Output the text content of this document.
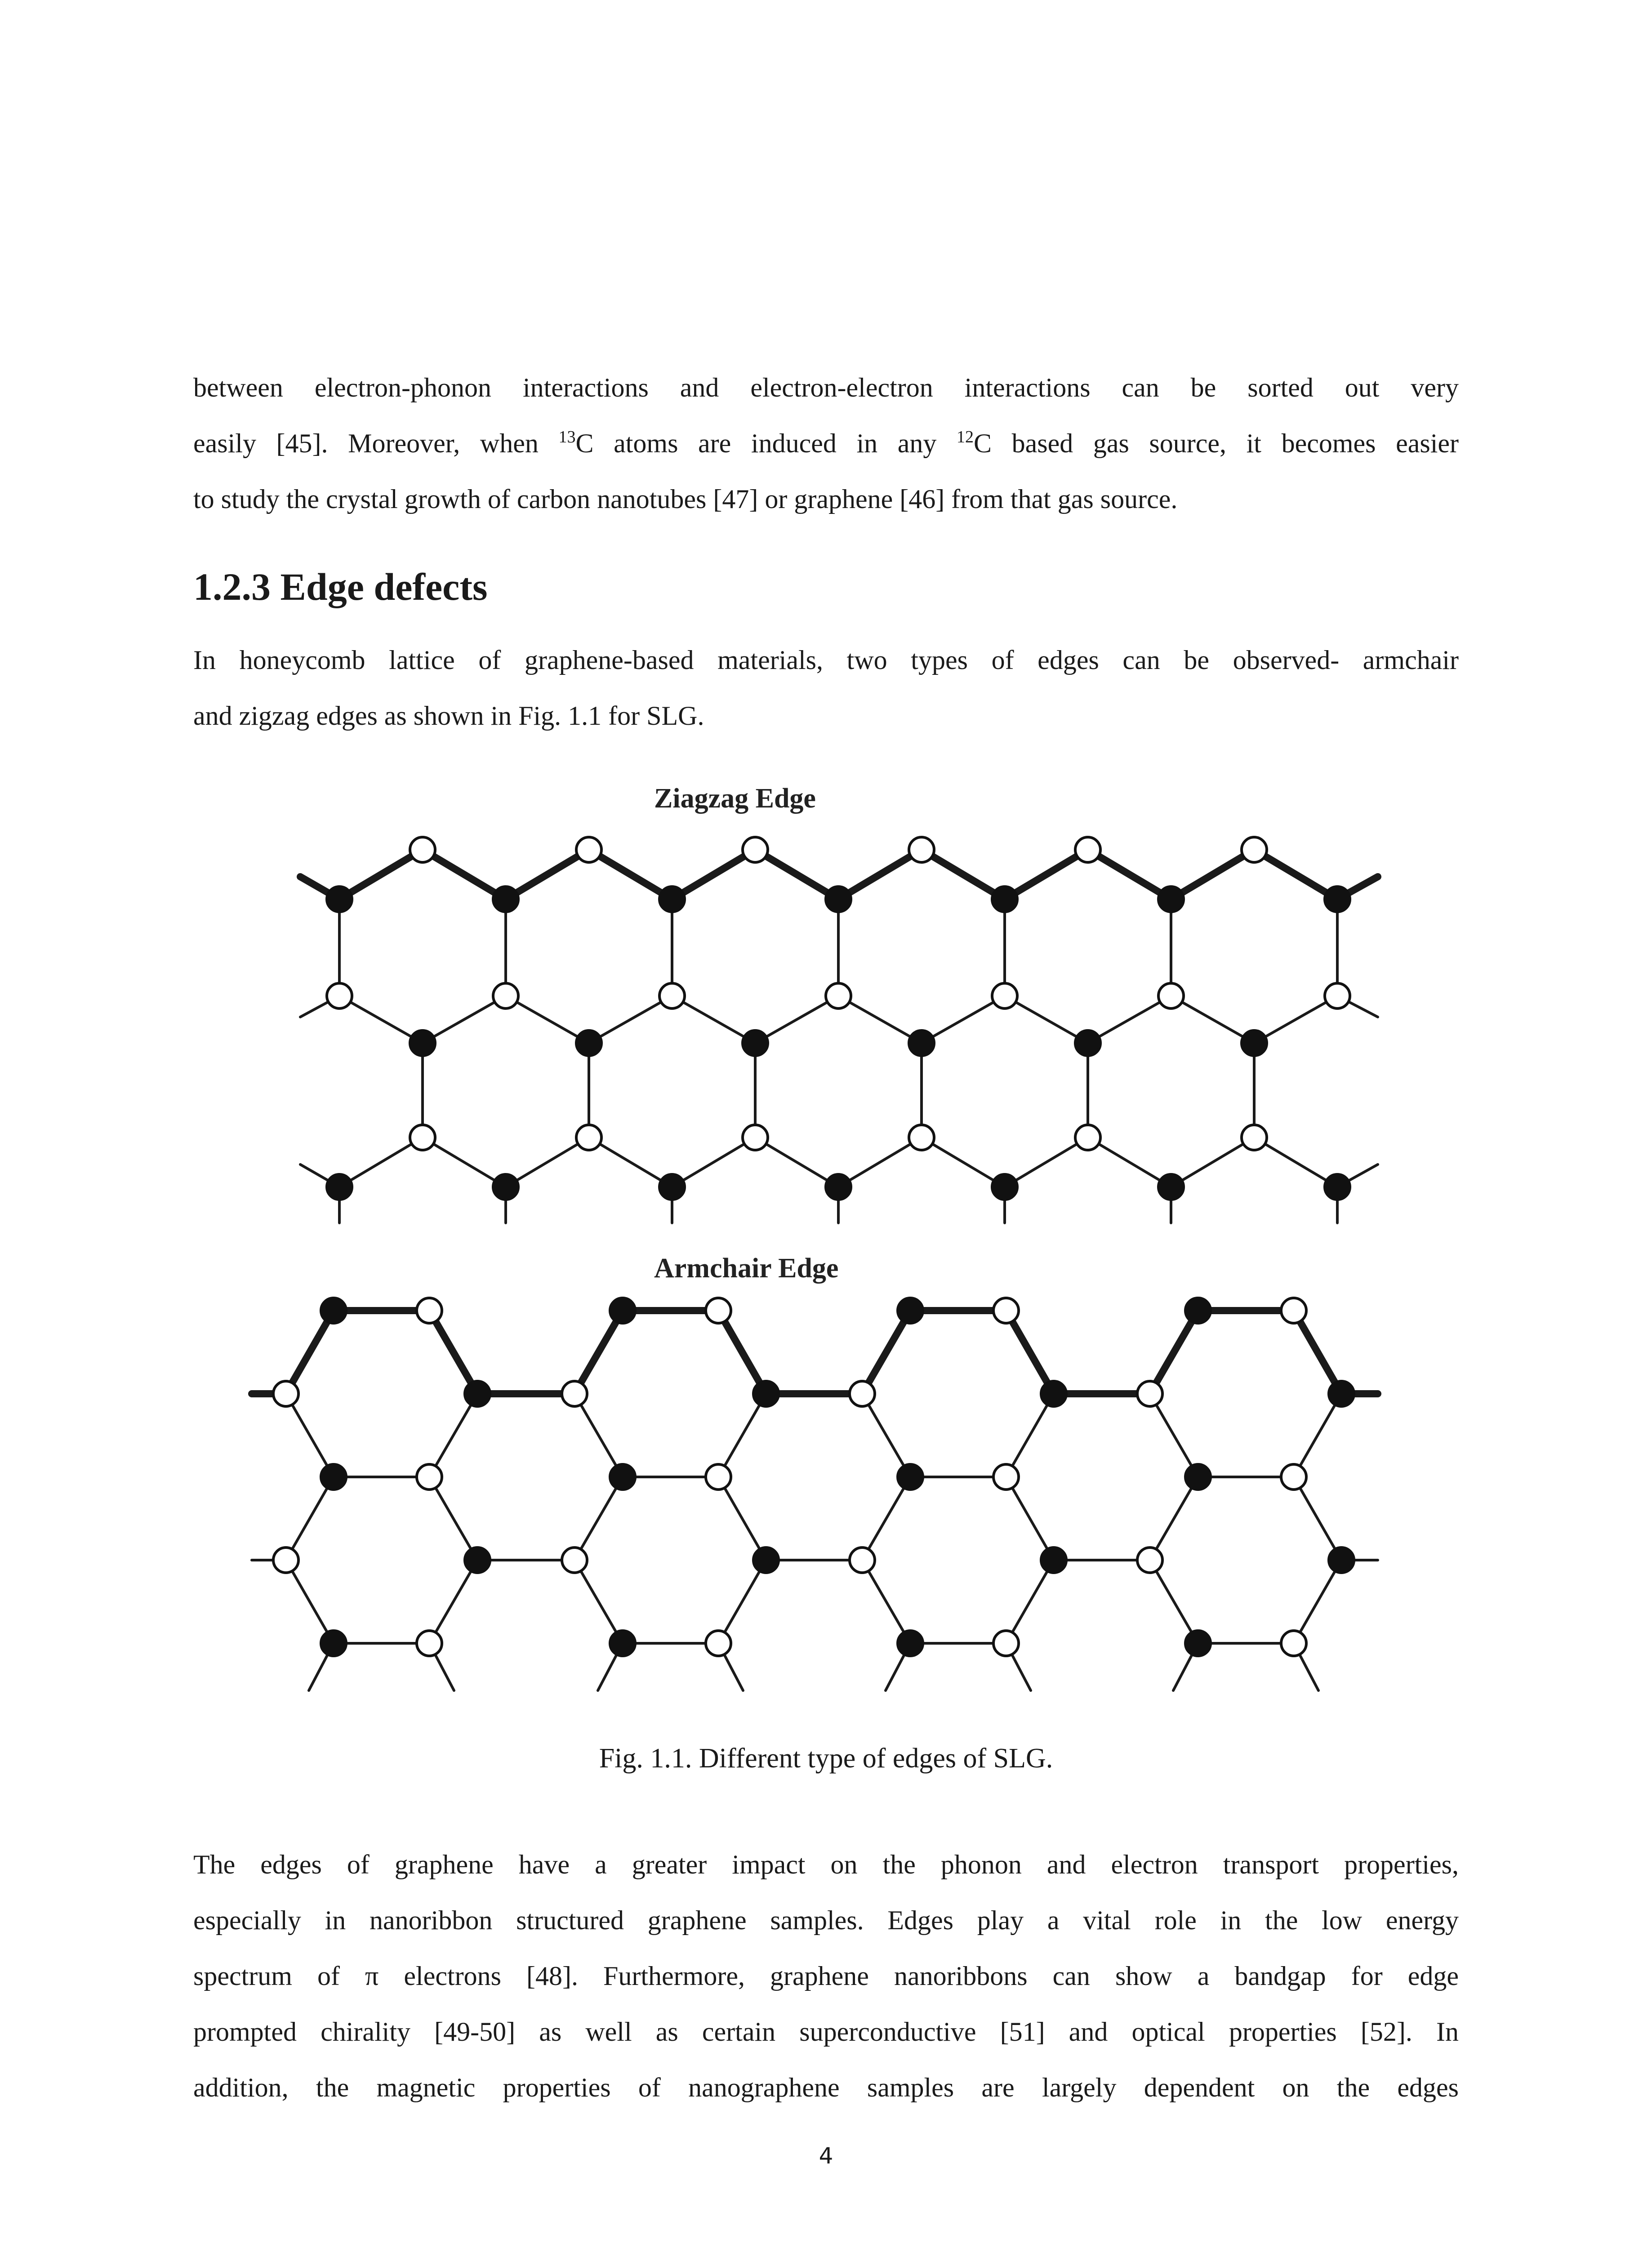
between electron-phonon interactions and electron-electron interactions can be sorted out very
easily [45]. Moreover, when $^{13}$C atoms are induced in any $^{12}$C based gas source, it becomes easier
to study the crystal growth of carbon nanotubes [47] or graphene [46] from that gas source.
1.2.3 Edge defects
In honeycomb lattice of graphene-based materials, two types of edges can be observed- armchair
and zigzag edges as shown in Fig. 1.1 for SLG.
Ziagzag Edge
Armchair Edge

Fig. 1.1. Different type of edges of SLG.

The edges of graphene have a greater impact on the phonon and electron transport properties,
especially in nanoribbon structured graphene samples. Edges play a vital role in the low energy
spectrum of π electrons [48]. Furthermore, graphene nanoribbons can show a bandgap for edge
prompted chirality [49-50] as well as certain superconductive [51] and optical properties [52]. In
addition, the magnetic properties of nanographene samples are largely dependent on the edges
4
